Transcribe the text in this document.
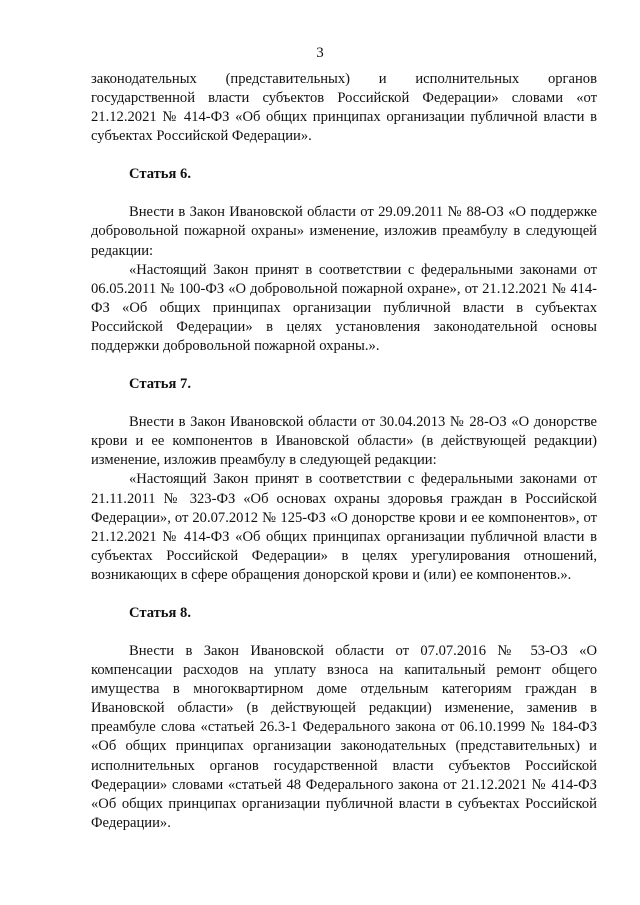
3

законодательных (представительных) и исполнительных органов государственной власти субъектов Российской Федерации» словами «от 21.12.2021 № 414-ФЗ «Об общих принципах организации публичной власти в субъектах Российской Федерации».

Статья 6.

Внести в Закон Ивановской области от 29.09.2011 № 88-ОЗ «О поддержке добровольной пожарной охраны» изменение, изложив преамбулу в следующей редакции:

«Настоящий Закон принят в соответствии с федеральными законами от 06.05.2011 № 100-ФЗ «О добровольной пожарной охране», от 21.12.2021 № 414-ФЗ «Об общих принципах организации публичной власти в субъектах Российской Федерации» в целях установления законодательной основы поддержки добровольной пожарной охраны.».

Статья 7.

Внести в Закон Ивановской области от 30.04.2013 № 28-ОЗ «О донорстве крови и ее компонентов в Ивановской области» (в действующей редакции) изменение, изложив преамбулу в следующей редакции:

«Настоящий Закон принят в соответствии с федеральными законами от 21.11.2011 № 323-ФЗ «Об основах охраны здоровья граждан в Российской Федерации», от 20.07.2012 № 125-ФЗ «О донорстве крови и ее компонентов», от 21.12.2021 № 414-ФЗ «Об общих принципах организации публичной власти в субъектах Российской Федерации» в целях урегулирования отношений, возникающих в сфере обращения донорской крови и (или) ее компонентов.».

Статья 8.

Внести в Закон Ивановской области от 07.07.2016 № 53-ОЗ «О компенсации расходов на уплату взноса на капитальный ремонт общего имущества в многоквартирном доме отдельным категориям граждан в Ивановской области» (в действующей редакции) изменение, заменив в преамбуле слова «статьей 26.3-1 Федерального закона от 06.10.1999 № 184-ФЗ «Об общих принципах организации законодательных (представительных) и исполнительных органов государственной власти субъектов Российской Федерации» словами «статьей 48 Федерального закона от 21.12.2021 № 414-ФЗ «Об общих принципах организации публичной власти в субъектах Российской Федерации».
